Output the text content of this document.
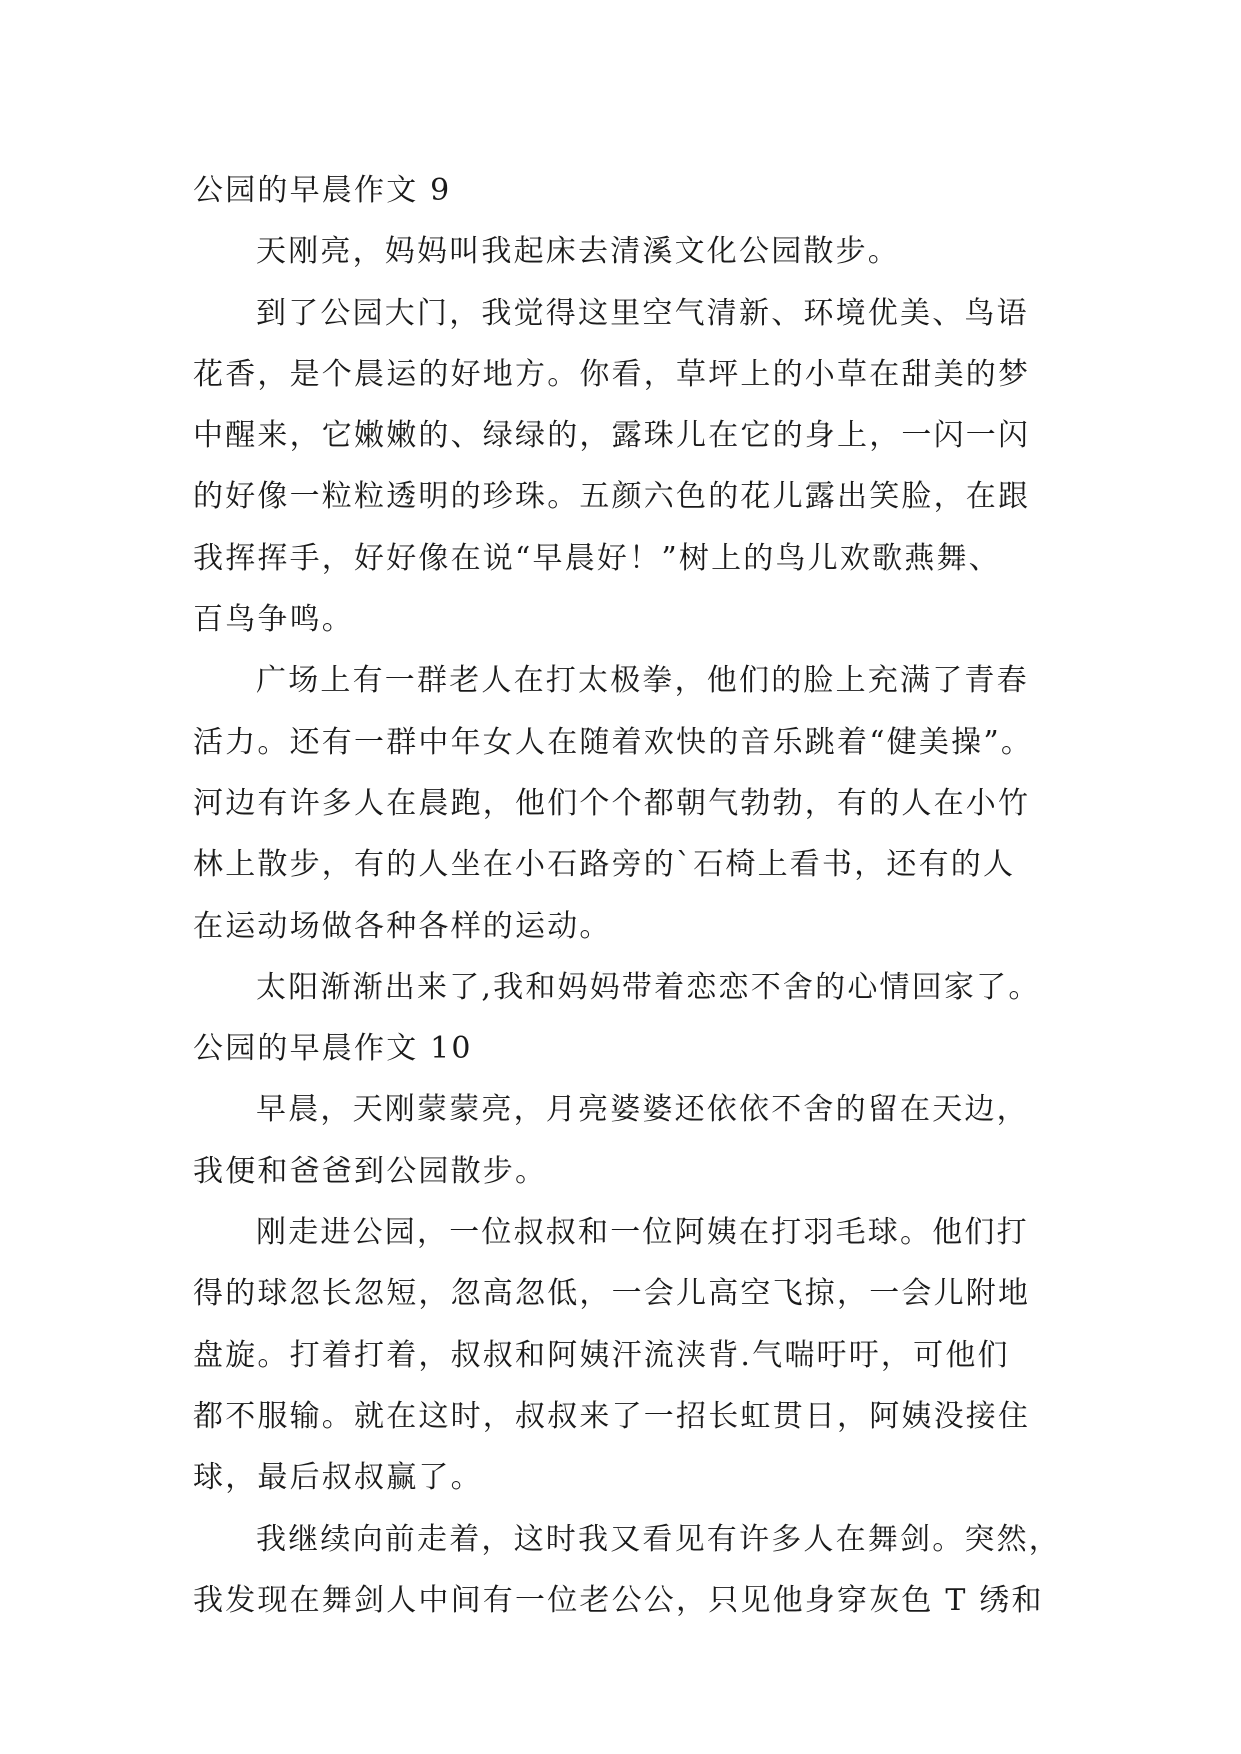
公园的早晨作文 9
天刚亮，妈妈叫我起床去清溪文化公园散步。
到了公园大门，我觉得这里空气清新、环境优美、鸟语
花香，是个晨运的好地方。你看，草坪上的小草在甜美的梦
中醒来，它嫩嫩的、绿绿的，露珠儿在它的身上，一闪一闪
的好像一粒粒透明的珍珠。五颜六色的花儿露出笑脸，在跟
我挥挥手，好好像在说“早晨好！”树上的鸟儿欢歌燕舞、
百鸟争鸣。
广场上有一群老人在打太极拳，他们的脸上充满了青春
活力。还有一群中年女人在随着欢快的音乐跳着“健美操”。
河边有许多人在晨跑，他们个个都朝气勃勃，有的人在小竹
林上散步，有的人坐在小石路旁的`石椅上看书，还有的人
在运动场做各种各样的运动。
太阳渐渐出来了,我和妈妈带着恋恋不舍的心情回家了。
公园的早晨作文 10
早晨，天刚蒙蒙亮，月亮婆婆还依依不舍的留在天边，
我便和爸爸到公园散步。
刚走进公园，一位叔叔和一位阿姨在打羽毛球。他们打
得的球忽长忽短，忽高忽低，一会儿高空飞掠，一会儿附地
盘旋。打着打着，叔叔和阿姨汗流浃背.气喘吁吁，可他们
都不服输。就在这时，叔叔来了一招长虹贯日，阿姨没接住
球，最后叔叔赢了。
我继续向前走着，这时我又看见有许多人在舞剑。突然，
我发现在舞剑人中间有一位老公公，只见他身穿灰色 T 绣和
